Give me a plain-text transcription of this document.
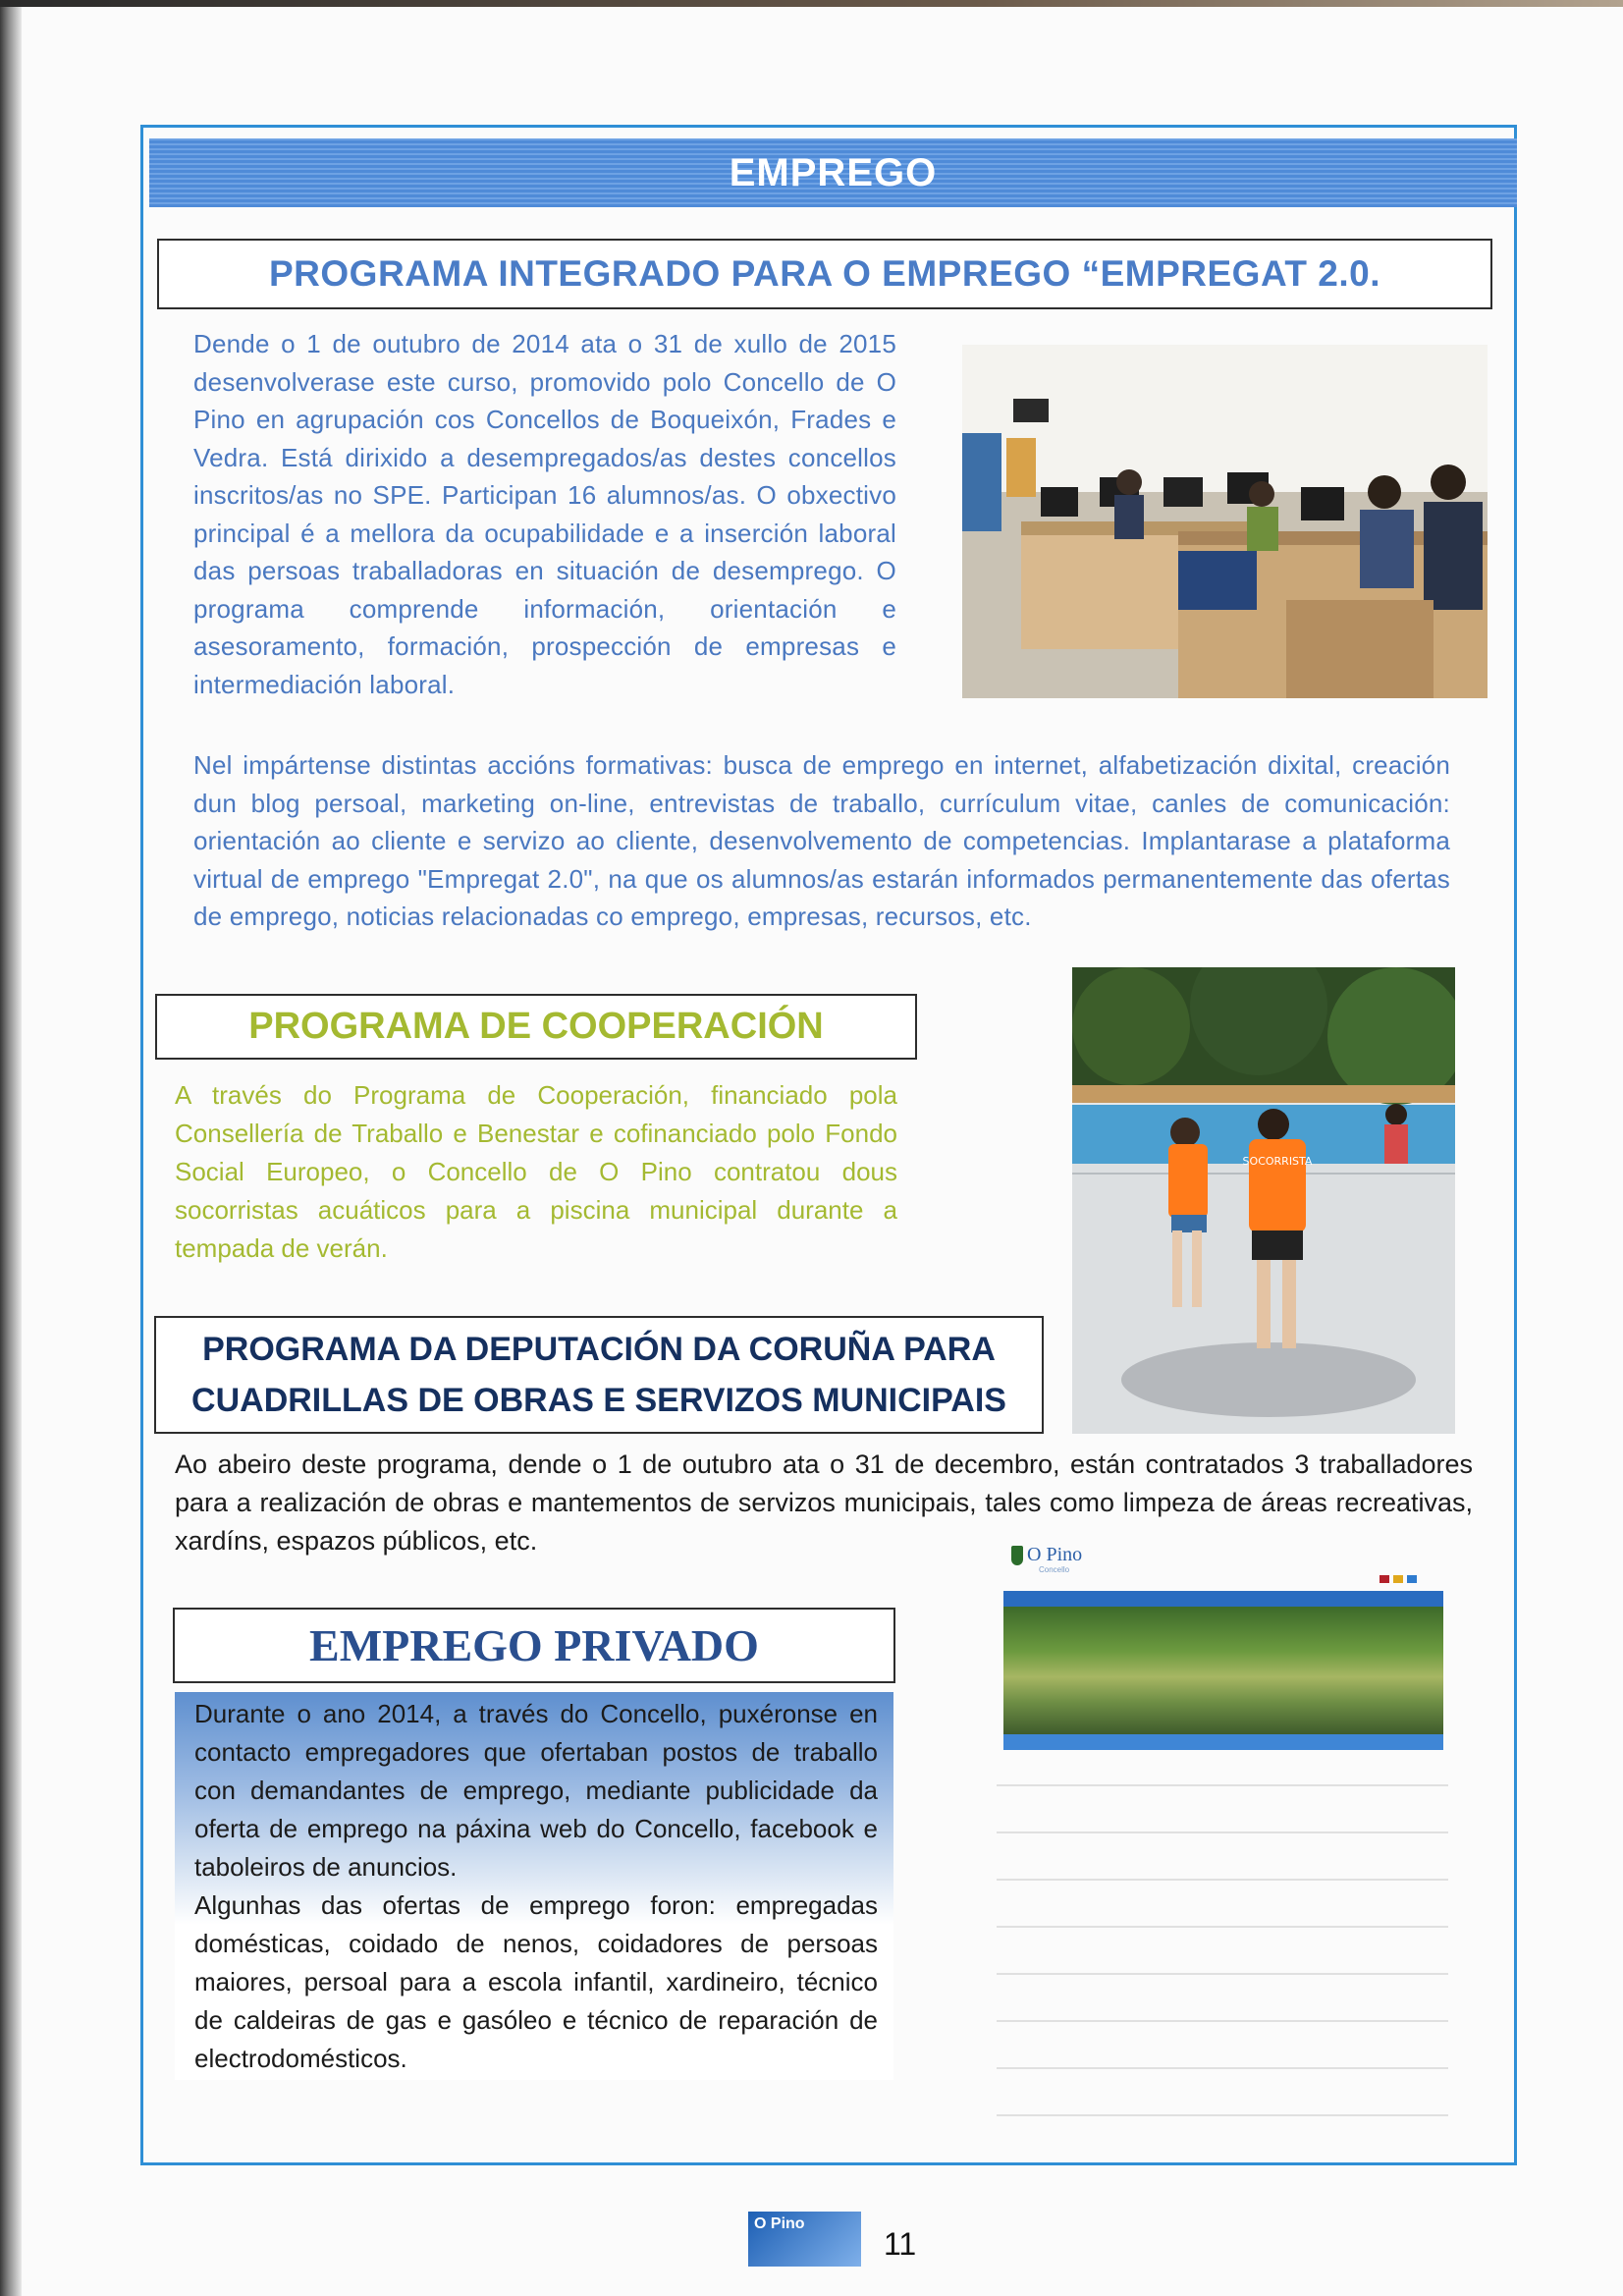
EMPREGO
PROGRAMA INTEGRADO PARA O EMPREGO “EMPREGAT 2.0.
Dende o 1 de outubro de 2014 ata o 31 de xullo de 2015 desenvolverase este curso, promovido polo Concello de O Pino en agrupación cos Concellos de Boqueixón, Frades e Vedra. Está dirixido a desempregados/as destes concellos inscritos/as no SPE. Participan 16 alumnos/as. O obxectivo principal é a mellora da ocupabilidade e a inserción laboral das persoas traballadoras en situación de desemprego. O programa comprende información, orientación e asesoramento, formación, prospección de empresas e intermediación laboral.
Nel impártense distintas accións formativas: busca de emprego en internet, alfabetización dixital, creación dun blog persoal, marketing on-line, entrevistas de traballo, currículum vitae, canles de comunicación: orientación ao cliente e servizo ao cliente, desenvolvemento de competencias. Implantarase a plataforma virtual de emprego "Empregat 2.0", na que os alumnos/as estarán informados permanentemente das ofertas de emprego, noticias relacionadas co emprego, empresas, recursos, etc.
PROGRAMA DE COOPERACIÓN
A través do Programa de Cooperación, financiado pola Consellería de Traballo e Benestar e cofinanciado polo Fondo Social Europeo, o Concello de O Pino contratou dous socorristas acuáticos para a piscina municipal durante a tempada de verán.
SOCORRISTA
PROGRAMA DA DEPUTACIÓN DA CORUÑA PARA
CUADRILLAS DE OBRAS E SERVIZOS MUNICIPAIS
Ao abeiro deste programa, dende o 1 de outubro ata o 31 de decembro, están contratados 3 traballadores para a realización de obras e mantementos de servizos municipais, tales como limpeza de áreas recreativas, xardíns, espazos públicos, etc.
EMPREGO PRIVADO
Durante o ano 2014, a través do Concello, puxéronse en contacto empregadores que ofertaban postos de traballo con demandantes de emprego, mediante publicidade da oferta de emprego na páxina web do Concello, facebook e taboleiros de anuncios.
Algunhas das ofertas de emprego foron: empregadas domésticas, coidado de nenos, coidadores de persoas maiores, persoal para a escola infantil, xardineiro, técnico de caldeiras de gas e gasóleo e técnico de reparación de electrodomésticos.
O Pino
Concello
O Pino
11
